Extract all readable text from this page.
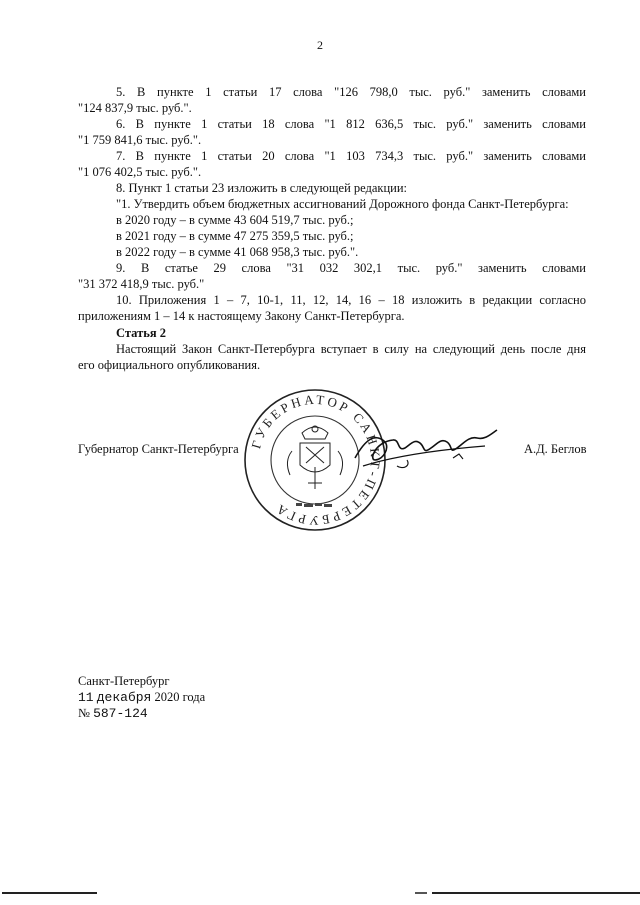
2
5. В пункте 1 статьи 17 слова "126 798,0 тыс. руб." заменить словами
"124 837,9 тыс. руб.".
6. В пункте 1 статьи 18 слова "1 812 636,5 тыс. руб." заменить словами
"1 759 841,6 тыс. руб.".
7. В пункте 1 статьи 20 слова "1 103 734,3 тыс. руб." заменить словами
"1 076 402,5 тыс. руб.".
8. Пункт 1 статьи 23 изложить в следующей редакции:
"1. Утвердить объем бюджетных ассигнований Дорожного фонда Санкт-Петербурга:
в 2020 году – в сумме 43 604 519,7 тыс. руб.;
в 2021 году – в сумме 47 275 359,5 тыс. руб.;
в 2022 году – в сумме 41 068 958,3 тыс. руб.".
9. В статье 29 слова "31 032 302,1 тыс. руб." заменить словами
"31 372 418,9 тыс. руб."
10. Приложения 1 – 7, 10-1, 11, 12, 14, 16 – 18 изложить в редакции согласно
приложениям 1 – 14 к настоящему Закону Санкт-Петербурга.
Статья 2
Настоящий Закон Санкт-Петербурга вступает в силу на следующий день после дня
его официального опубликования.
ГУБЕРНАТОР САНКТ-ПЕТЕРБУРГА
Губернатор Санкт-Петербурга	А.Д. Беглов
Санкт-Петербург
11 декабря 2020 года
№ 587-124
